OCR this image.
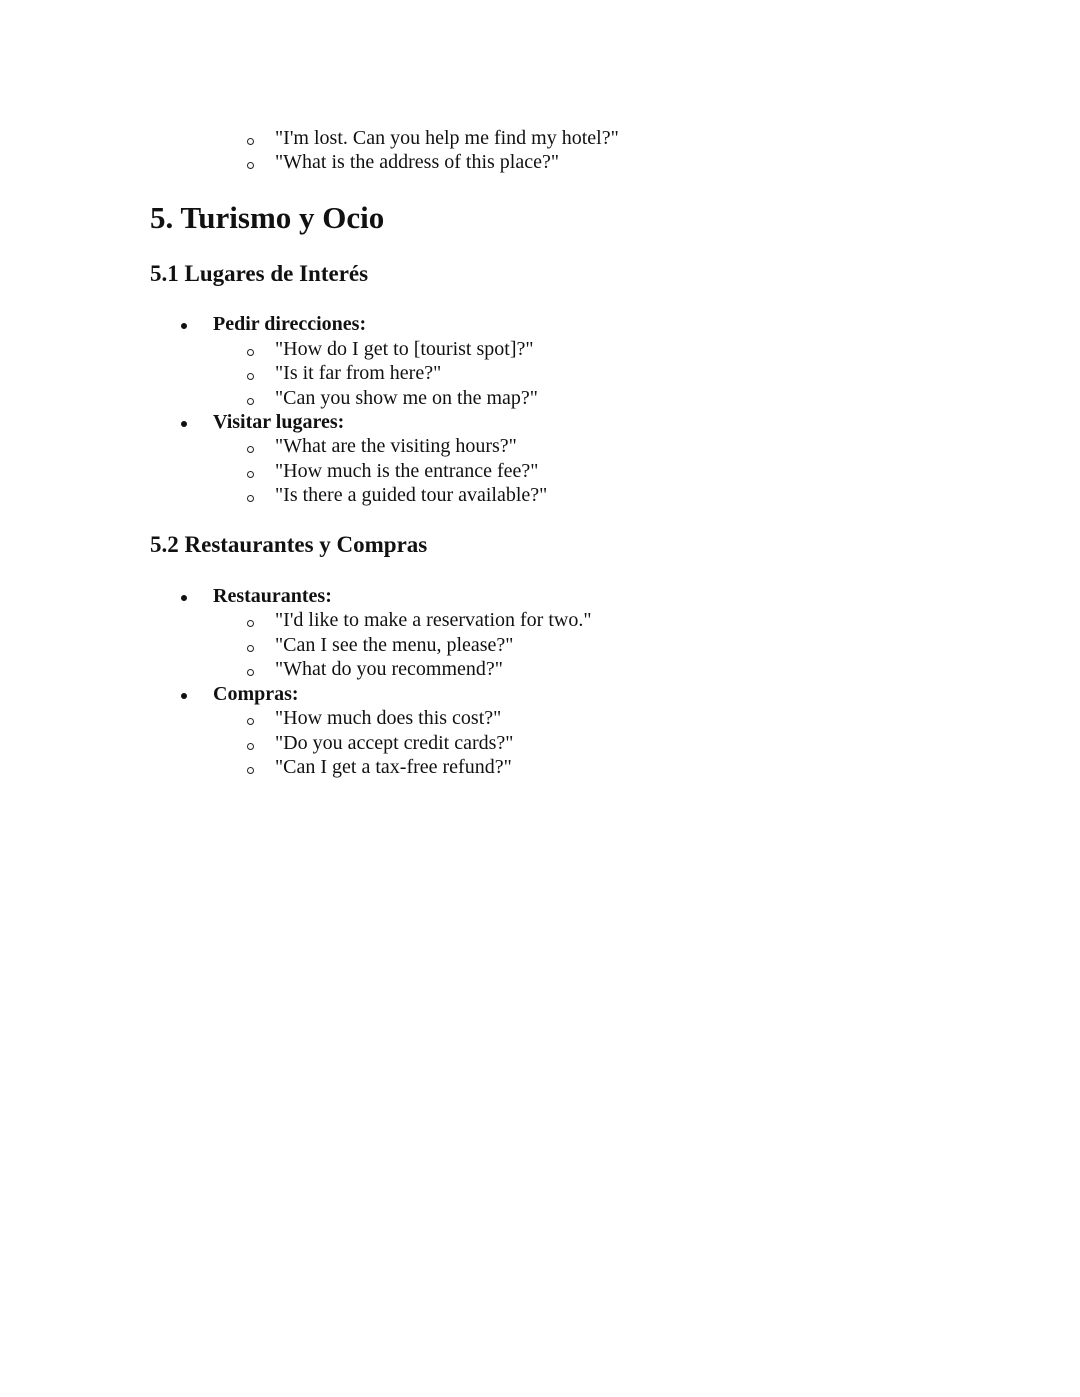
"I'm lost. Can you help me find my hotel?"
"What is the address of this place?"
5. Turismo y Ocio
5.1 Lugares de Interés
Pedir direcciones:
"How do I get to [tourist spot]?"
"Is it far from here?"
"Can you show me on the map?"
Visitar lugares:
"What are the visiting hours?"
"How much is the entrance fee?"
"Is there a guided tour available?"
5.2 Restaurantes y Compras
Restaurantes:
"I'd like to make a reservation for two."
"Can I see the menu, please?"
"What do you recommend?"
Compras:
"How much does this cost?"
"Do you accept credit cards?"
"Can I get a tax-free refund?"
